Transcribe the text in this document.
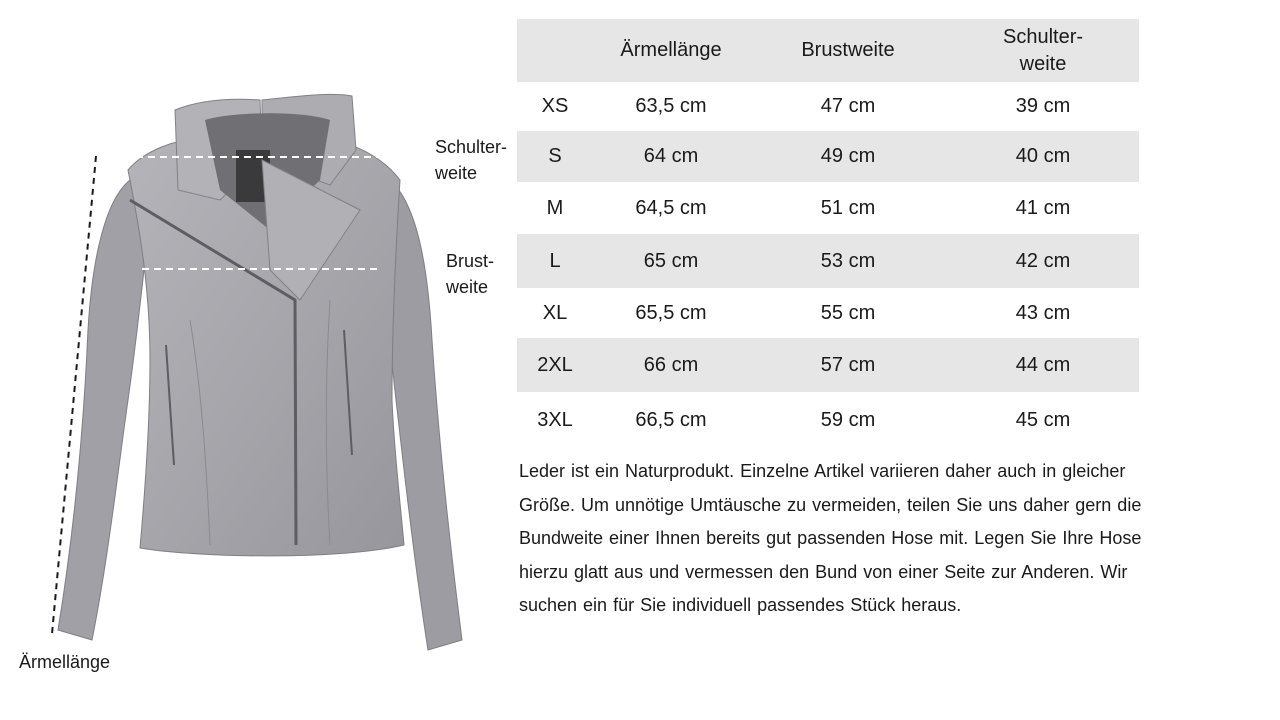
Schulter-
weite
Brust-
weite
Ärmellänge
	Ärmellänge	Brustweite	Schulter-
weite

XS	63,5 cm	47 cm	39 cm
S	64 cm	49 cm	40 cm
M	64,5 cm	51 cm	41 cm
L	65 cm	53 cm	42 cm
XL	65,5 cm	55 cm	43 cm
2XL	66 cm	57 cm	44 cm
3XL	66,5 cm	59 cm	45 cm

Leder ist ein Naturprodukt. Einzelne Artikel variieren daher auch in gleicher Größe. Um unnötige Umtäusche zu vermeiden, teilen Sie uns daher gern die Bundweite einer Ihnen bereits gut passenden Hose mit. Legen Sie Ihre Hose hierzu glatt aus und vermessen den Bund von einer Seite zur Anderen. Wir suchen ein für Sie individuell passendes Stück heraus.
